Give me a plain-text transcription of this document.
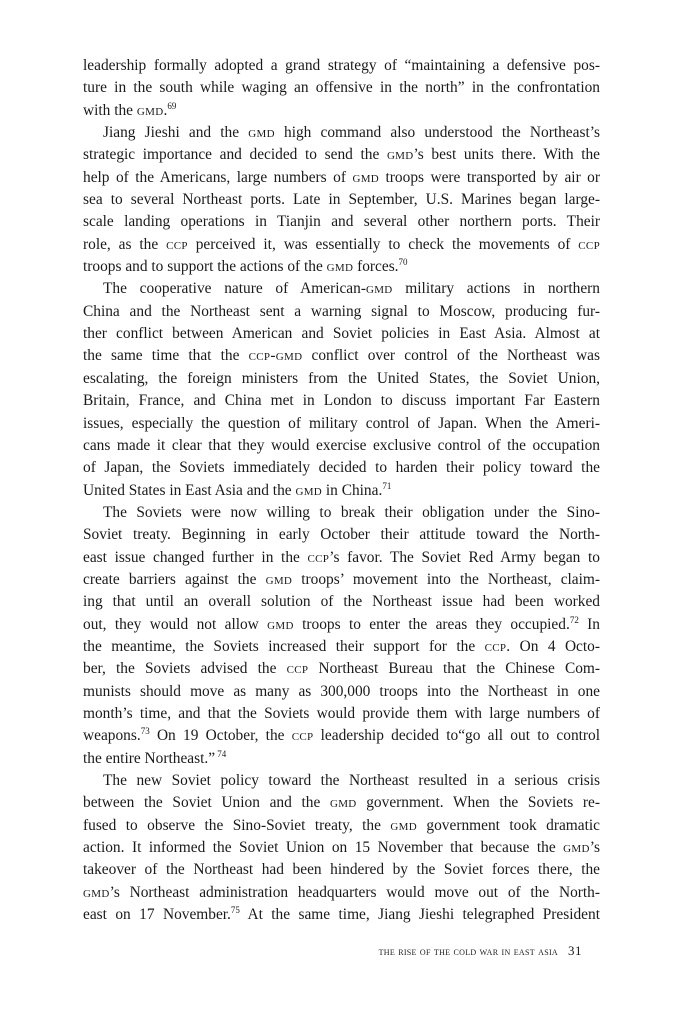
leadership formally adopted a grand strategy of “maintaining a defensive pos-
ture in the south while waging an offensive in the north” in the confrontation
with the gmd.$^{69}$
Jiang Jieshi and the gmd high command also understood the Northeast’s
strategic importance and decided to send the gmd’s best units there. With the
help of the Americans, large numbers of gmd troops were transported by air or
sea to several Northeast ports. Late in September, U.S. Marines began large-
scale landing operations in Tianjin and several other northern ports. Their
role, as the ccp perceived it, was essentially to check the movements of ccp
troops and to support the actions of the gmd forces.$^{70}$
The cooperative nature of American-gmd military actions in northern
China and the Northeast sent a warning signal to Moscow, producing fur-
ther conflict between American and Soviet policies in East Asia. Almost at
the same time that the ccp-gmd conflict over control of the Northeast was
escalating, the foreign ministers from the United States, the Soviet Union,
Britain, France, and China met in London to discuss important Far Eastern
issues, especially the question of military control of Japan. When the Ameri-
cans made it clear that they would exercise exclusive control of the occupation
of Japan, the Soviets immediately decided to harden their policy toward the
United States in East Asia and the gmd in China.$^{71}$
The Soviets were now willing to break their obligation under the Sino-
Soviet treaty. Beginning in early October their attitude toward the North-
east issue changed further in the ccp’s favor. The Soviet Red Army began to
create barriers against the gmd troops’ movement into the Northeast, claim-
ing that until an overall solution of the Northeast issue had been worked
out, they would not allow gmd troops to enter the areas they occupied.$^{72}$ In
the meantime, the Soviets increased their support for the ccp. On 4 Octo-
ber, the Soviets advised the ccp Northeast Bureau that the Chinese Com-
munists should move as many as 300,000 troops into the Northeast in one
month’s time, and that the Soviets would provide them with large numbers of
weapons.$^{73}$ On 19 October, the ccp leadership decided to“go all out to control
the entire Northeast.” $^{74}$
The new Soviet policy toward the Northeast resulted in a serious crisis
between the Soviet Union and the gmd government. When the Soviets re-
fused to observe the Sino-Soviet treaty, the gmd government took dramatic
action. It informed the Soviet Union on 15 November that because the gmd’s
takeover of the Northeast had been hindered by the Soviet forces there, the
gmd’s Northeast administration headquarters would move out of the North-
east on 17 November.$^{75}$ At the same time, Jiang Jieshi telegraphed President
the rise of the cold war in east asia 31
